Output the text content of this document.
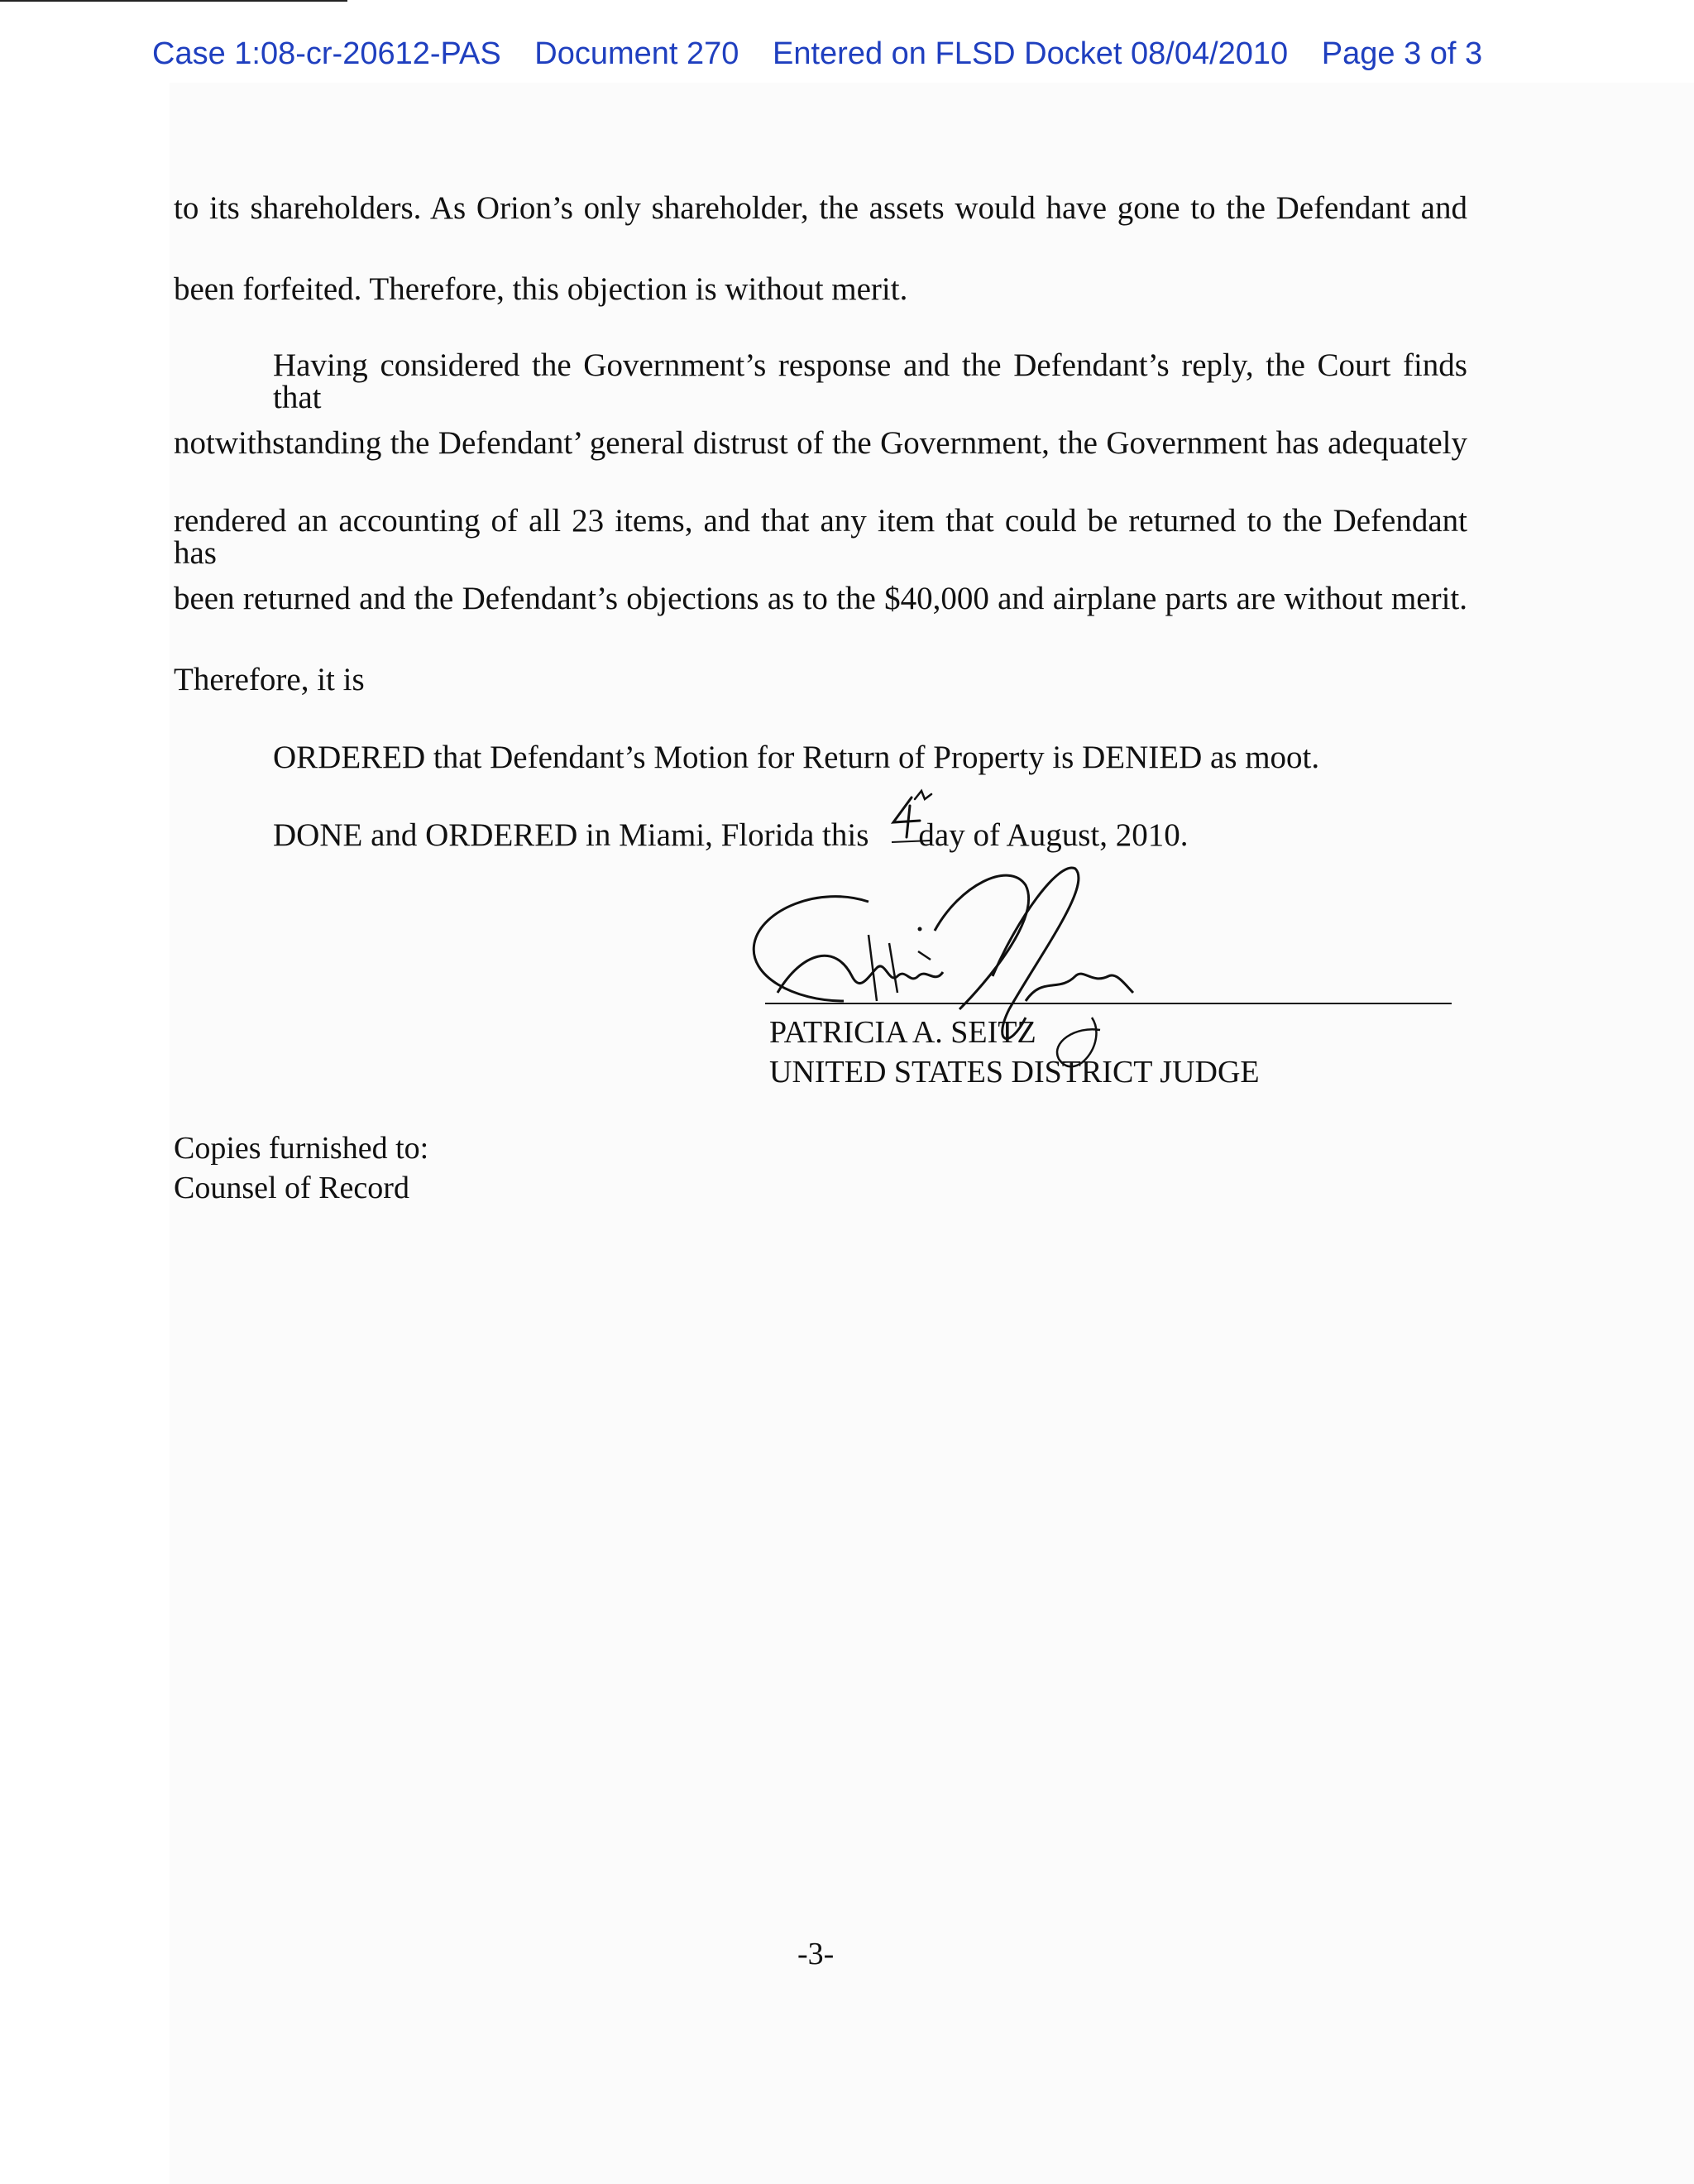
Case 1:08-cr-20612-PAS Document 270 Entered on FLSD Docket 08/04/2010 Page 3 of 3
to its shareholders. As Orion’s only shareholder, the assets would have gone to the Defendant and
been forfeited. Therefore, this objection is without merit.
Having considered the Government’s response and the Defendant’s reply, the Court finds that
notwithstanding the Defendant’ general distrust of the Government, the Government has adequately
rendered an accounting of all 23 items, and that any item that could be returned to the Defendant has
been returned and the Defendant’s objections as to the $40,000 and airplane parts are without merit.
Therefore, it is
ORDERED that Defendant’s Motion for Return of Property is DENIED as moot.
DONE and ORDERED in Miami, Florida this day of August, 2010.
PATRICIA A. SEITZ
UNITED STATES DISTRICT JUDGE
Copies furnished to:
Counsel of Record
-3-
